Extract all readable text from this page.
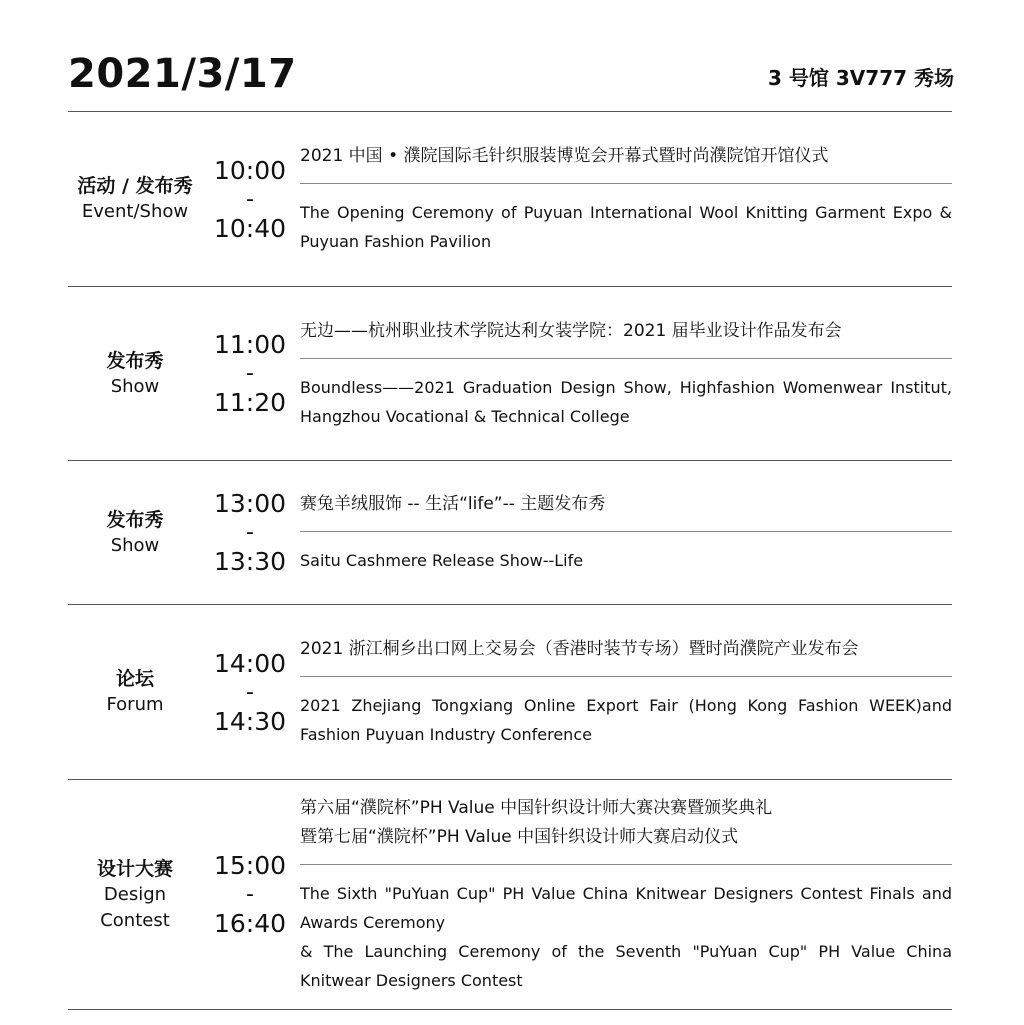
2021/3/17	3 号馆 3V777 秀场
活动 / 发布秀
Event/Show
10:00
-
10:40
2021 中国 • 濮院国际毛针织服装博览会开幕式暨时尚濮院馆开馆仪式
The Opening Ceremony of Puyuan International Wool Knitting Garment Expo & Puyuan Fashion Pavilion
发布秀
Show
11:00
-
11:20
无边——杭州职业技术学院达利女装学院：2021 届毕业设计作品发布会
Boundless——2021 Graduation Design Show, Highfashion Womenwear Institut, Hangzhou Vocational & Technical College
发布秀
Show
13:00
-
13:30
赛兔羊绒服饰 -- 生活“life”-- 主题发布秀
Saitu Cashmere Release Show--Life
论坛
Forum
14:00
-
14:30
2021 浙江桐乡出口网上交易会（香港时装节专场）暨时尚濮院产业发布会
2021 Zhejiang Tongxiang Online Export Fair (Hong Kong Fashion WEEK)and Fashion Puyuan Industry Conference
设计大赛
Design
Contest
15:00
-
16:40
第六届“濮院杯”PH Value 中国针织设计师大赛决赛暨颁奖典礼
暨第七届“濮院杯”PH Value 中国针织设计师大赛启动仪式
The Sixth "PuYuan Cup" PH Value China Knitwear Designers Contest Finals and Awards Ceremony
& The Launching Ceremony of the Seventh "PuYuan Cup" PH Value China Knitwear Designers Contest
